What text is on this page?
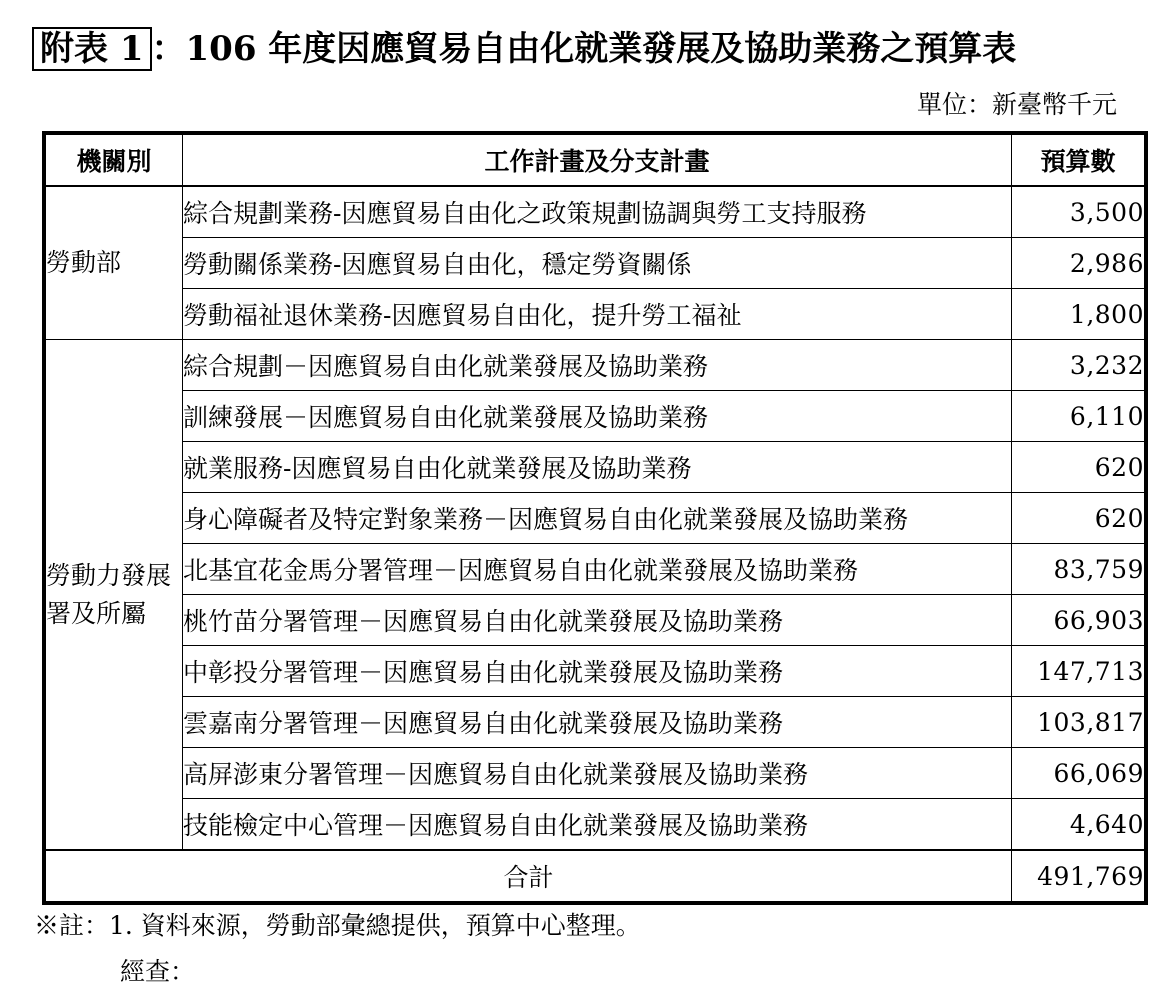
附表 1 ：106 年度因應貿易自由化就業發展及協助業務之預算表
單位：新臺幣千元
機關別	工作計畫及分支計畫	預算數
勞動部	綜合規劃業務-因應貿易自由化之政策規劃協調與勞工支持服務	3,500
	勞動關係業務-因應貿易自由化，穩定勞資關係	2,986
	勞動福祉退休業務-因應貿易自由化，提升勞工福祉	1,800
勞動力發展署及所屬	綜合規劃－因應貿易自由化就業發展及協助業務	3,232
	訓練發展－因應貿易自由化就業發展及協助業務	6,110
	就業服務-因應貿易自由化就業發展及協助業務	620
	身心障礙者及特定對象業務－因應貿易自由化就業發展及協助業務	620
	北基宜花金馬分署管理－因應貿易自由化就業發展及協助業務	83,759
	桃竹苗分署管理－因應貿易自由化就業發展及協助業務	66,903
	中彰投分署管理－因應貿易自由化就業發展及協助業務	147,713
	雲嘉南分署管理－因應貿易自由化就業發展及協助業務	103,817
	高屏澎東分署管理－因應貿易自由化就業發展及協助業務	66,069
	技能檢定中心管理－因應貿易自由化就業發展及協助業務	4,640
合計		491,769
※註：1. 資料來源，勞動部彙總提供，預算中心整理。
經查：
